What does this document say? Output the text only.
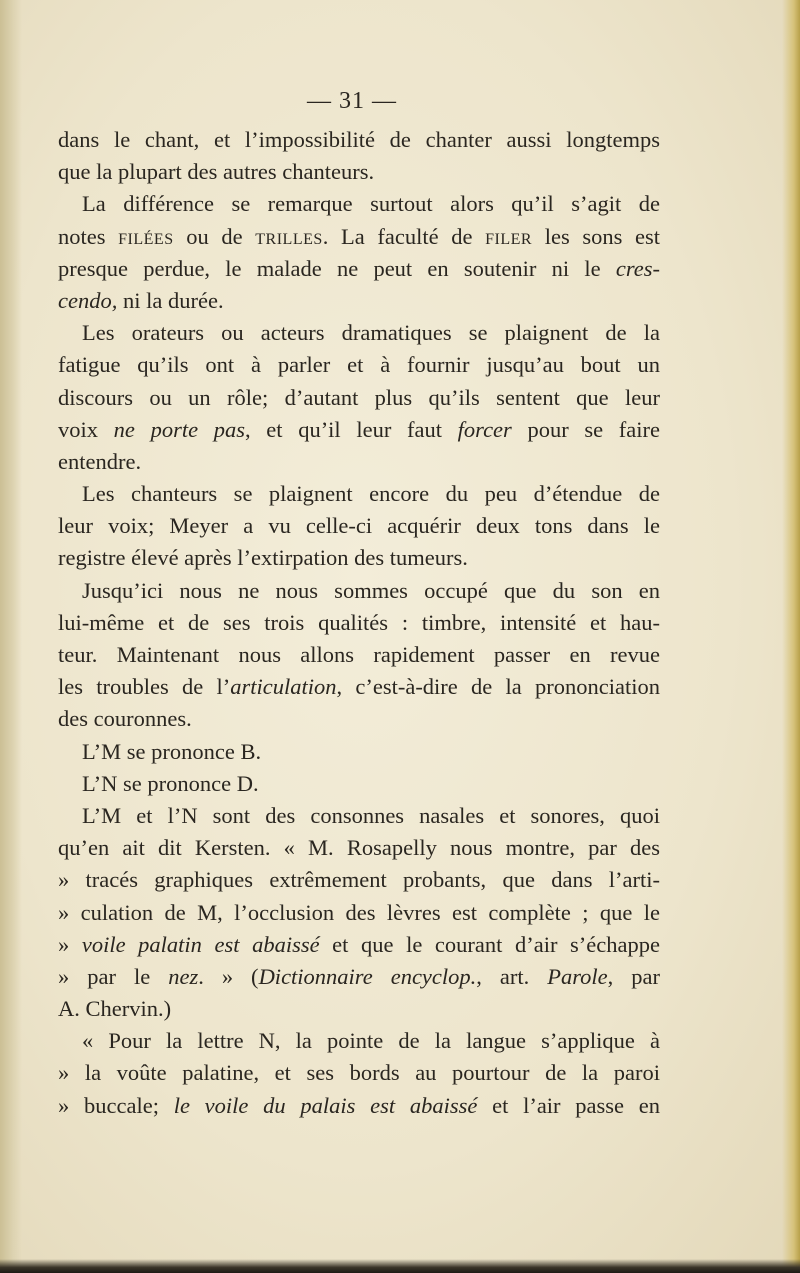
— 31 —
dans le chant, et l’impossibilité de chanter aussi longtemps
que la plupart des autres chanteurs.
La différence se remarque surtout alors qu’il s’agit de
notes filées ou de trilles. La faculté de filer les sons est
presque perdue, le malade ne peut en soutenir ni le cres-
cendo, ni la durée.
Les orateurs ou acteurs dramatiques se plaignent de la
fatigue qu’ils ont à parler et à fournir jusqu’au bout un
discours ou un rôle; d’autant plus qu’ils sentent que leur
voix ne porte pas, et qu’il leur faut forcer pour se faire
entendre.
Les chanteurs se plaignent encore du peu d’étendue de
leur voix; Meyer a vu celle-ci acquérir deux tons dans le
registre élevé après l’extirpation des tumeurs.
Jusqu’ici nous ne nous sommes occupé que du son en
lui-même et de ses trois qualités : timbre, intensité et hau-
teur. Maintenant nous allons rapidement passer en revue
les troubles de l’articulation, c’est-à-dire de la prononciation
des couronnes.
L’M se prononce B.
L’N se prononce D.
L’M et l’N sont des consonnes nasales et sonores, quoi
qu’en ait dit Kersten. « M. Rosapelly nous montre, par des
» tracés graphiques extrêmement probants, que dans l’arti-
» culation de M, l’occlusion des lèvres est complète ; que le
» voile palatin est abaissé et que le courant d’air s’échappe
» par le nez. » (Dictionnaire encyclop., art. Parole, par
A. Chervin.)
« Pour la lettre N, la pointe de la langue s’applique à
» la voûte palatine, et ses bords au pourtour de la paroi
» buccale; le voile du palais est abaissé et l’air passe en
